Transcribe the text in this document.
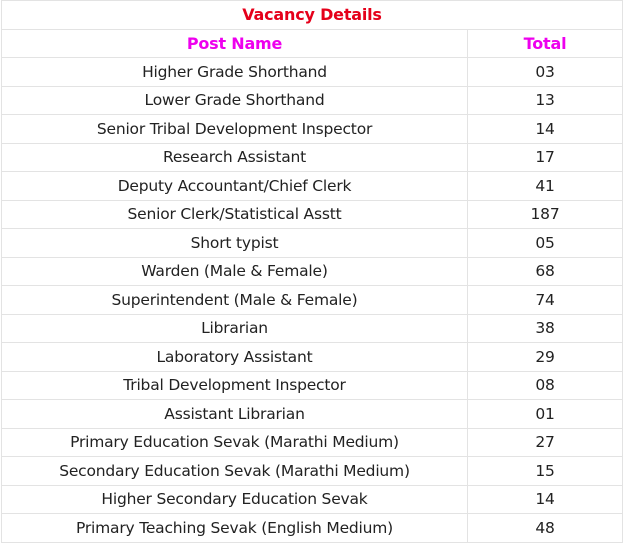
Vacancy Details	
Post Name	Total
Higher Grade Shorthand	03
Lower Grade Shorthand	13
Senior Tribal Development Inspector	14
Research Assistant	17
Deputy Accountant/Chief Clerk	41
Senior Clerk/Statistical Asstt	187
Short typist	05
Warden (Male & Female)	68
Superintendent (Male & Female)	74
Librarian	38
Laboratory Assistant	29
Tribal Development Inspector	08
Assistant Librarian	01
Primary Education Sevak (Marathi Medium)	27
Secondary Education Sevak (Marathi Medium)	15
Higher Secondary Education Sevak	14
Primary Teaching Sevak (English Medium)	48
